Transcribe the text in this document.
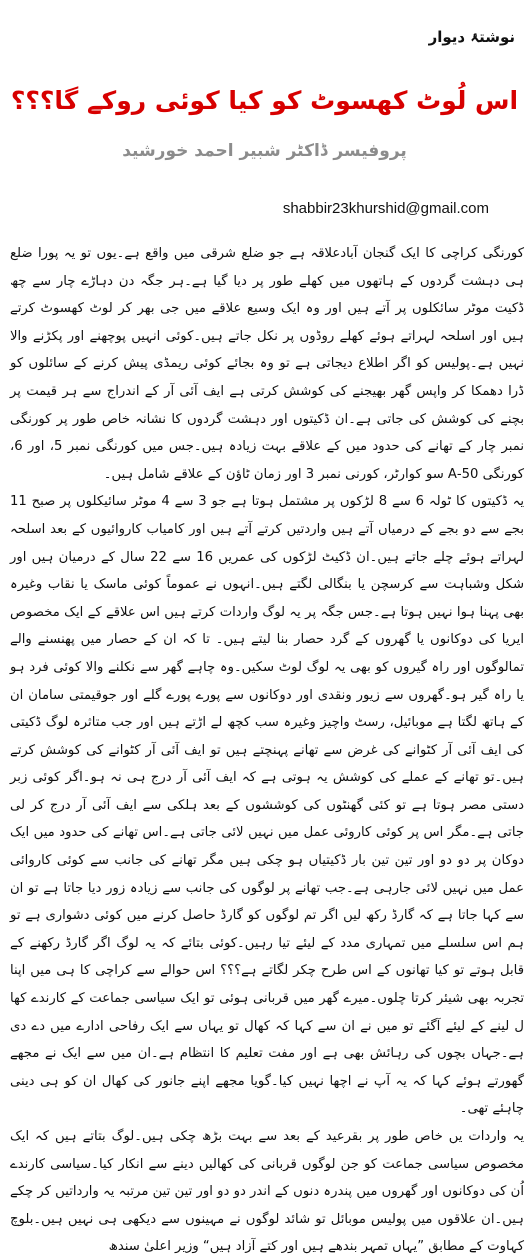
نوشتۂ دیوار
اس لُوٹ کھسوٹ کو کیا کوئی روکے گا؟؟؟
پروفیسر ڈاکٹر شبیر احمد خورشید
shabbir23khurshid@gmail.com

کورنگی کراچی کا ایک گنجان آبادعلاقہ ہے جو ضلع شرقی میں واقع ہے۔یوں تو یہ پورا ضلع ہی دہشت گردوں کے ہاتھوں میں کھلے طور پر دیا گیا ہے۔ہر جگہ دن دہاڑے چار سے چھ ڈکیت موٹر سائکلوں پر آتے ہیں اور وہ ایک وسیع علاقے میں جی بھر کر لوٹ کھسوٹ کرتے ہیں اور اسلحہ لہراتے ہوئے کھلے روڈوں پر نکل جاتے ہیں۔کوئی انہیں پوچھنے اور پکڑنے والا نہیں ہے۔پولیس کو اگر اطلاع دیجاتی ہے تو وہ بجائے کوئی ریمڈی پیش کرنے کے سائلوں کو ڈرا دھمکا کر واپس گھر بھیجنے کی کوشش کرتی ہے ایف آئی آر کے اندراج سے ہر قیمت پر بچنے کی کوشش کی جاتی ہے۔ان ڈکیتوں اور دہشت گردوں کا نشانہ خاص طور پر کورنگی نمبر چار کے تھانے کی حدود میں کے علاقے بہت زیادہ ہیں۔جس میں کورنگی نمبر 5، اور 6، کورنگی 50-A سو کوارٹر، کورنی نمبر 3 اور زمان ٹاؤن کے علاقے شامل ہیں۔

یہ ڈکیتوں کا ٹولہ 6 سے 8 لڑکوں پر مشتمل ہوتا ہے جو 3 سے 4 موٹر سائیکلوں پر صبح 11 بجے سے دو بجے کے درمیاں آتے ہیں واردتیں کرتے آتے ہیں اور کامیاب کاروائیوں کے بعد اسلحہ لہراتے ہوئے چلے جاتے ہیں۔ان ڈکیٹ لڑکوں کی عمریں 16 سے 22 سال کے درمیان ہیں اور شکل وشباہت سے کرسچن یا بنگالی لگتے ہیں۔انہوں نے عموماً کوئی ماسک یا نقاب وغیرہ بھی پہنا ہوا نہیں ہوتا ہے۔جس جگہ پر یہ لوگ واردات کرتے ہیں اس علاقے کے ایک مخصوص ایریا کی دوکانوں یا گھروں کے گرد حصار بنا لیتے ہیں۔ تا کہ ان کے حصار میں پھنسنے والے تمالوگوں اور راہ گیروں کو بھی یہ لوگ لوٹ سکیں۔وہ چاہے گھر سے نکلنے والا کوئی فرد ہو یا راہ گیر ہو۔گھروں سے زیور ونقدی اور دوکانوں سے پورے پورے گلے اور جوقیمتی سامان ان کے ہاتھ لگتا ہے موبائیل، رسٹ واچیز وغیرہ سب کچھ لے اڑتے ہیں اور جب متاثرہ لوگ ڈکیتی کی ایف آئی آر کٹوانے کی غرض سے تھانے پہنچتے ہیں تو ایف آئی آر کٹوانے کی کوشش کرتے ہیں۔تو تھانے کے عملے کی کوشش یہ ہوتی ہے کہ ایف آئی آر درج ہی نہ ہو۔اگر کوئی زبر دستی مصر ہوتا ہے تو کئی گھنٹوں کی کوششوں کے بعد ہلکی سے ایف آئی آر درج کر لی جاتی ہے۔مگر اس پر کوئی کاروئی عمل میں نہیں لائی جاتی ہے۔اس تھانے کی حدود میں ایک دوکان پر دو دو اور تین تین بار ڈکیتیاں ہو چکی ہیں مگر تھانے کی جانب سے کوئی کاروائی عمل میں نہیں لائی جارہی ہے۔جب تھانے پر لوگوں کی جانب سے زیادہ زور دیا جاتا ہے تو ان سے کہا جاتا ہے کہ گارڈ رکھ لیں اگر تم لوگوں کو گارڈ حاصل کرنے میں کوئی دشواری ہے تو ہم اس سلسلے میں تمہاری مدد کے لیئے تیا رہیں۔کوئی بتائے کہ یہ لوگ اگر گارڈ رکھنے کے قابل ہوتے تو کیا تھانوں کے اس طرح چکر لگاتے ہے؟؟؟ اس حوالے سے کراچی کا ہی میں اپنا تجربہ بھی شیئر کرتا چلوں۔میرے گھر میں قربانی ہوئی تو ایک سیاسی جماعت کے کارندے کھا ل لینے کے لیئے آگئے تو میں نے ان سے کہا کہ کھال تو یہاں سے ایک رفاحی ادارے میں دے دی ہے۔جہاں بچوں کی رہائش بھی ہے اور مفت تعلیم کا انتظام ہے۔ان میں سے ایک نے مجھے گھورتے ہوئے کہا کہ یہ آپ نے اچھا نہیں کیا۔گویا مجھے اپنے جانور کی کھال ان کو ہی دینی چاہئے تھی۔

یہ واردات یں خاص طور پر بقرعید کے بعد سے بہت بڑھ چکی ہیں۔لوگ بتاتے ہیں کہ ایک مخصوص سیاسی جماعت کو جن لوگوں قربانی کی کھالیں دینے سے انکار کیا۔سیاسی کارندے اُن کی دوکانوں اور گھروں میں پندرہ دنوں کے اندر دو دو اور تین تین مرتبہ یہ وارداتیں کر چکے ہیں۔ان علاقوں میں پولیس موبائل تو شائد لوگوں نے مہینوں سے دیکھی ہی نہیں ہیں۔بلوچ کہاوت کے مطابق ”یہاں تمہر بندھے ہیں اور کتے آزاد ہیں“ وزیر اعلیٰ سندھ
